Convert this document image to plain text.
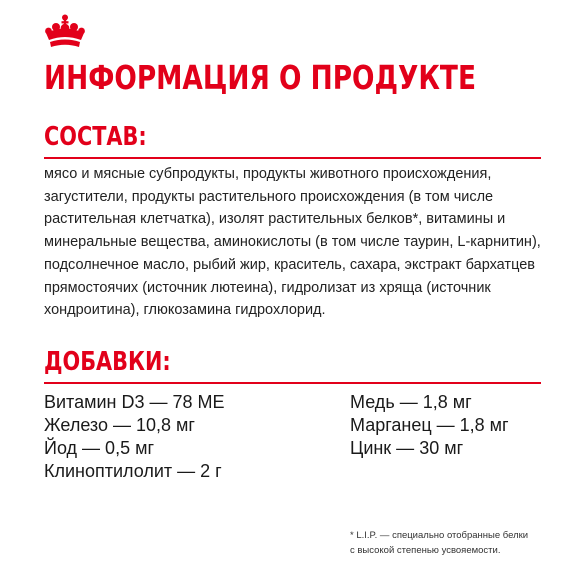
ИНФОРМАЦИЯ О ПРОДУКТЕ
СОСТАВ:
мясо и мясные субпродукты, продукты животного происхождения, загустители, продукты растительного происхождения (в том числе растительная клетчатка), изолят растительных белков*, витамины и минеральные вещества, аминокислоты (в том числе таурин, L-карнитин), подсолнечное масло, рыбий жир, краситель, сахара, экстракт бархатцев прямостоячих (источник лютеина), гидролизат из хряща (источник хондроитина), глюкозамина гидрохлорид.
ДОБАВКИ:
Витамин D3 — 78 МЕ
Железо — 10,8 мг
Йод — 0,5 мг
Клиноптилолит — 2 г
Медь — 1,8 мг
Марганец — 1,8 мг
Цинк — 30 мг
* L.I.P. — специально отобранные белки
с высокой степенью усвояемости.
